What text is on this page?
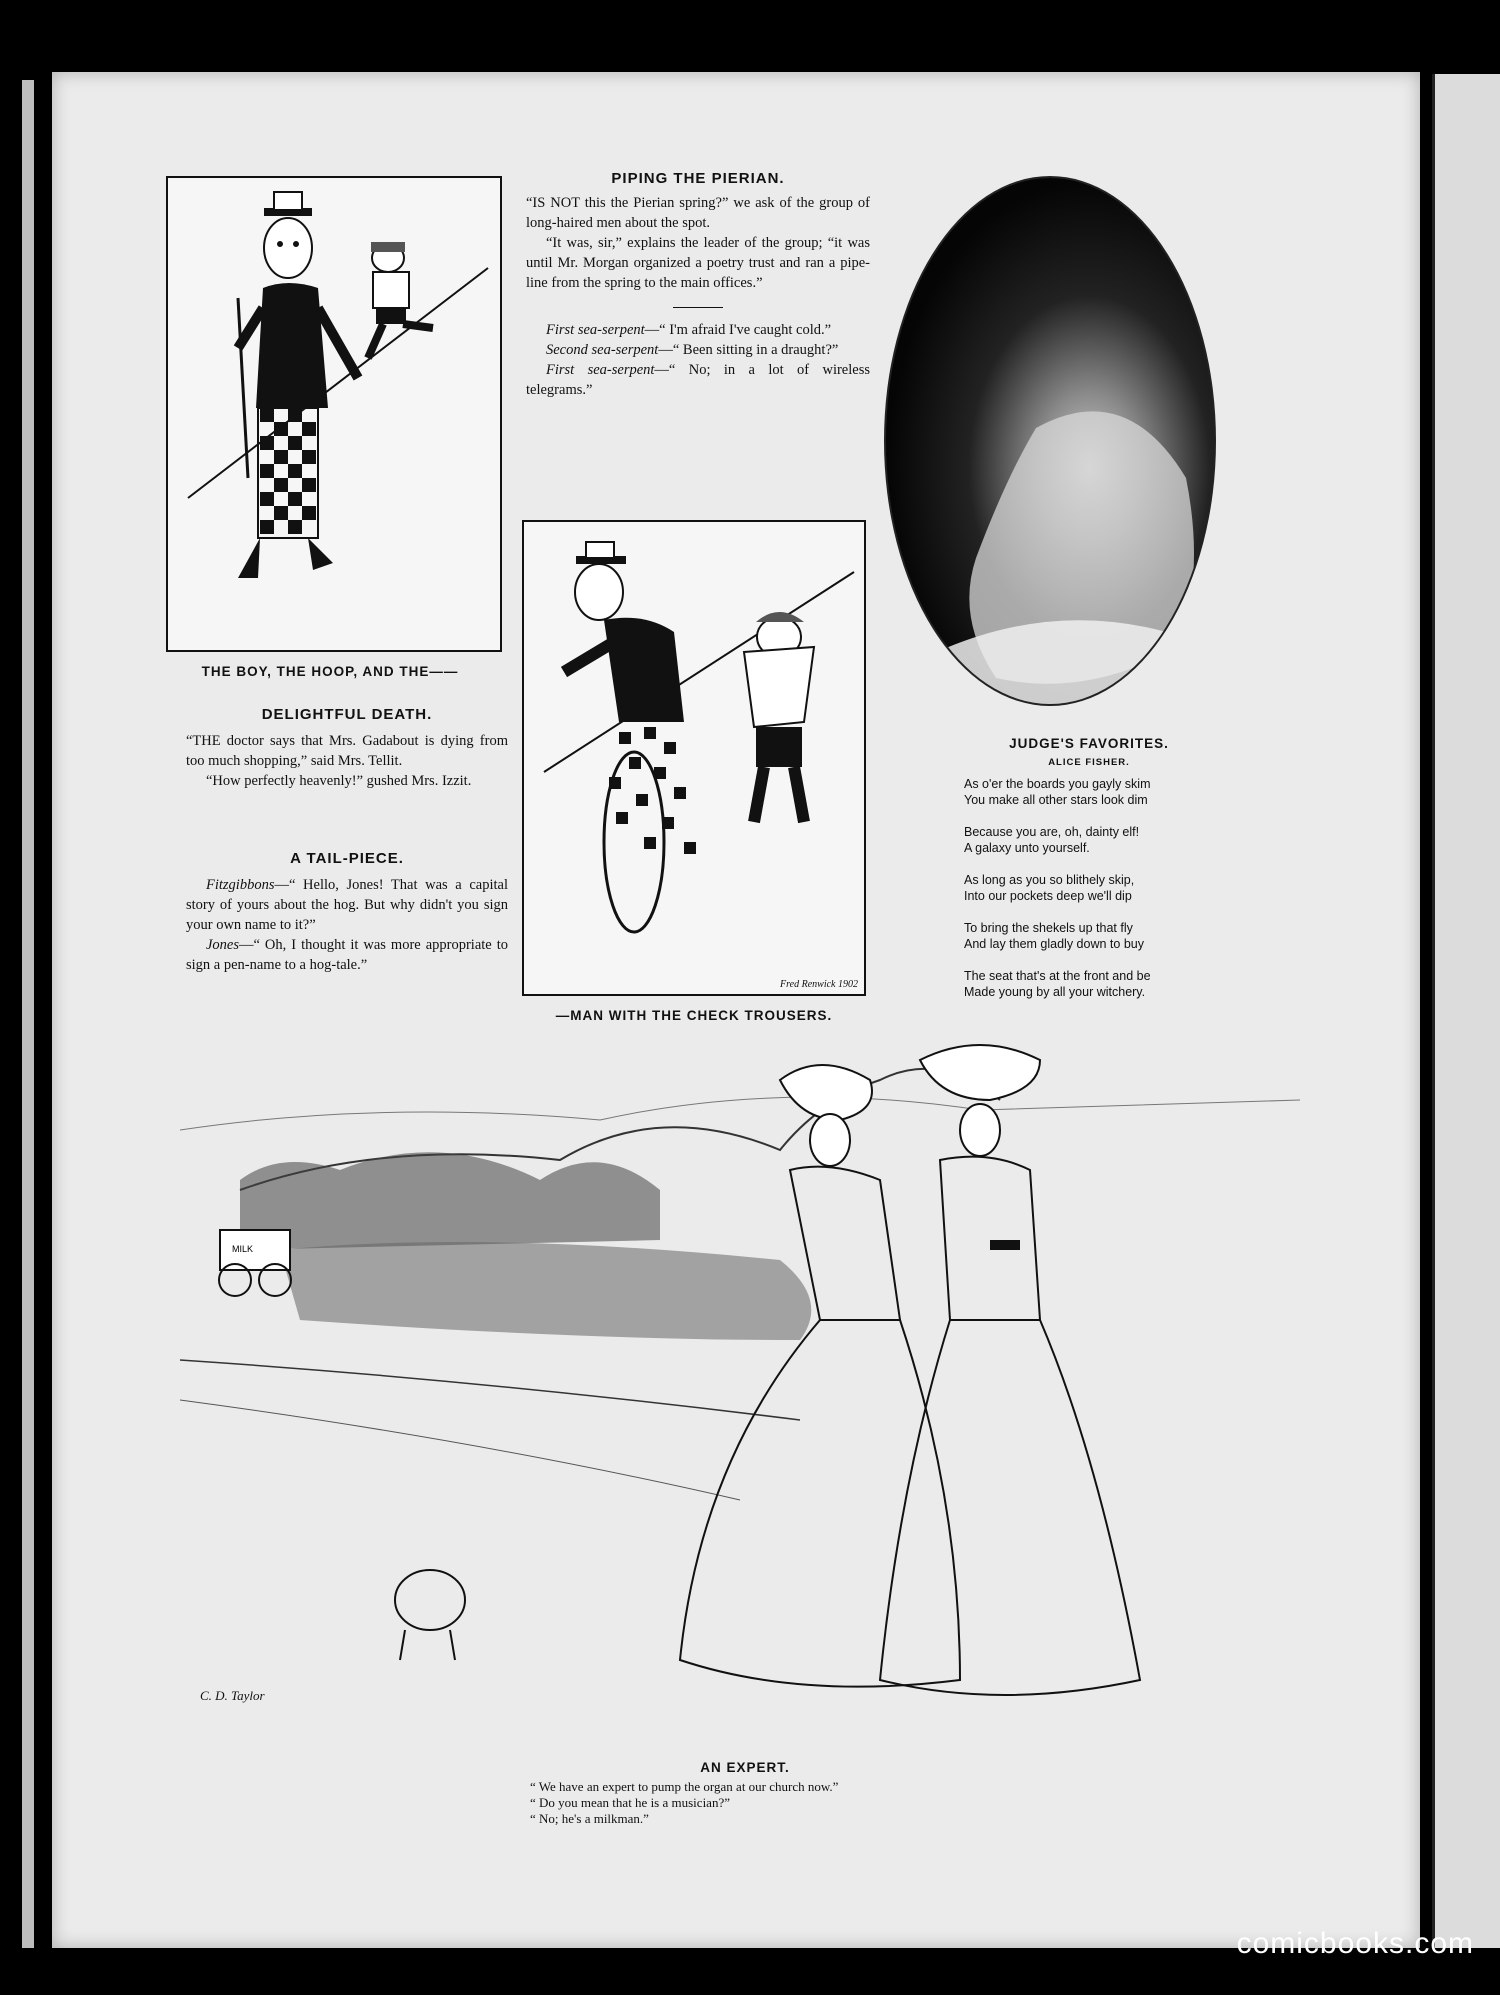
THE BOY, THE HOOP, AND THE——
PIPING THE PIERIAN.

“IS NOT this the Pierian spring?” we ask of the group of long-haired men about the spot.

“It was, sir,” explains the leader of the group; “it was until Mr. Morgan organized a poetry trust and ran a pipe-line from the spring to the main offices.”

First sea-serpent—“ I'm afraid I've caught cold.”

Second sea-serpent—“ Been sitting in a draught?”

First sea-serpent—“ No; in a lot of wireless telegrams.”

Fred Renwick 1902
—MAN WITH THE CHECK TROUSERS.
DELIGHTFUL DEATH.

“THE doctor says that Mrs. Gadabout is dying from too much shopping,” said Mrs. Tellit.

“How perfectly heavenly!” gushed Mrs. Izzit.

A TAIL-PIECE.

Fitzgibbons—“ Hello, Jones! That was a capital story of yours about the hog. But why didn't you sign your own name to it?”

Jones—“ Oh, I thought it was more appropriate to sign a pen-name to a hog-tale.”

JUDGE'S FAVORITES.
ALICE FISHER.

As o'er the boards you gayly skim

You make all other stars look dim

Because you are, oh, dainty elf!

A galaxy unto yourself.

As long as you so blithely skip,

Into our pockets deep we'll dip

To bring the shekels up that fly

And lay them gladly down to buy

The seat that's at the front and be

Made young by all your witchery.

MILK
C. D. Taylor
AN EXPERT.

“ We have an expert to pump the organ at our church now.”

“ Do you mean that he is a musician?”

“ No; he's a milkman.”

comicbooks.com
